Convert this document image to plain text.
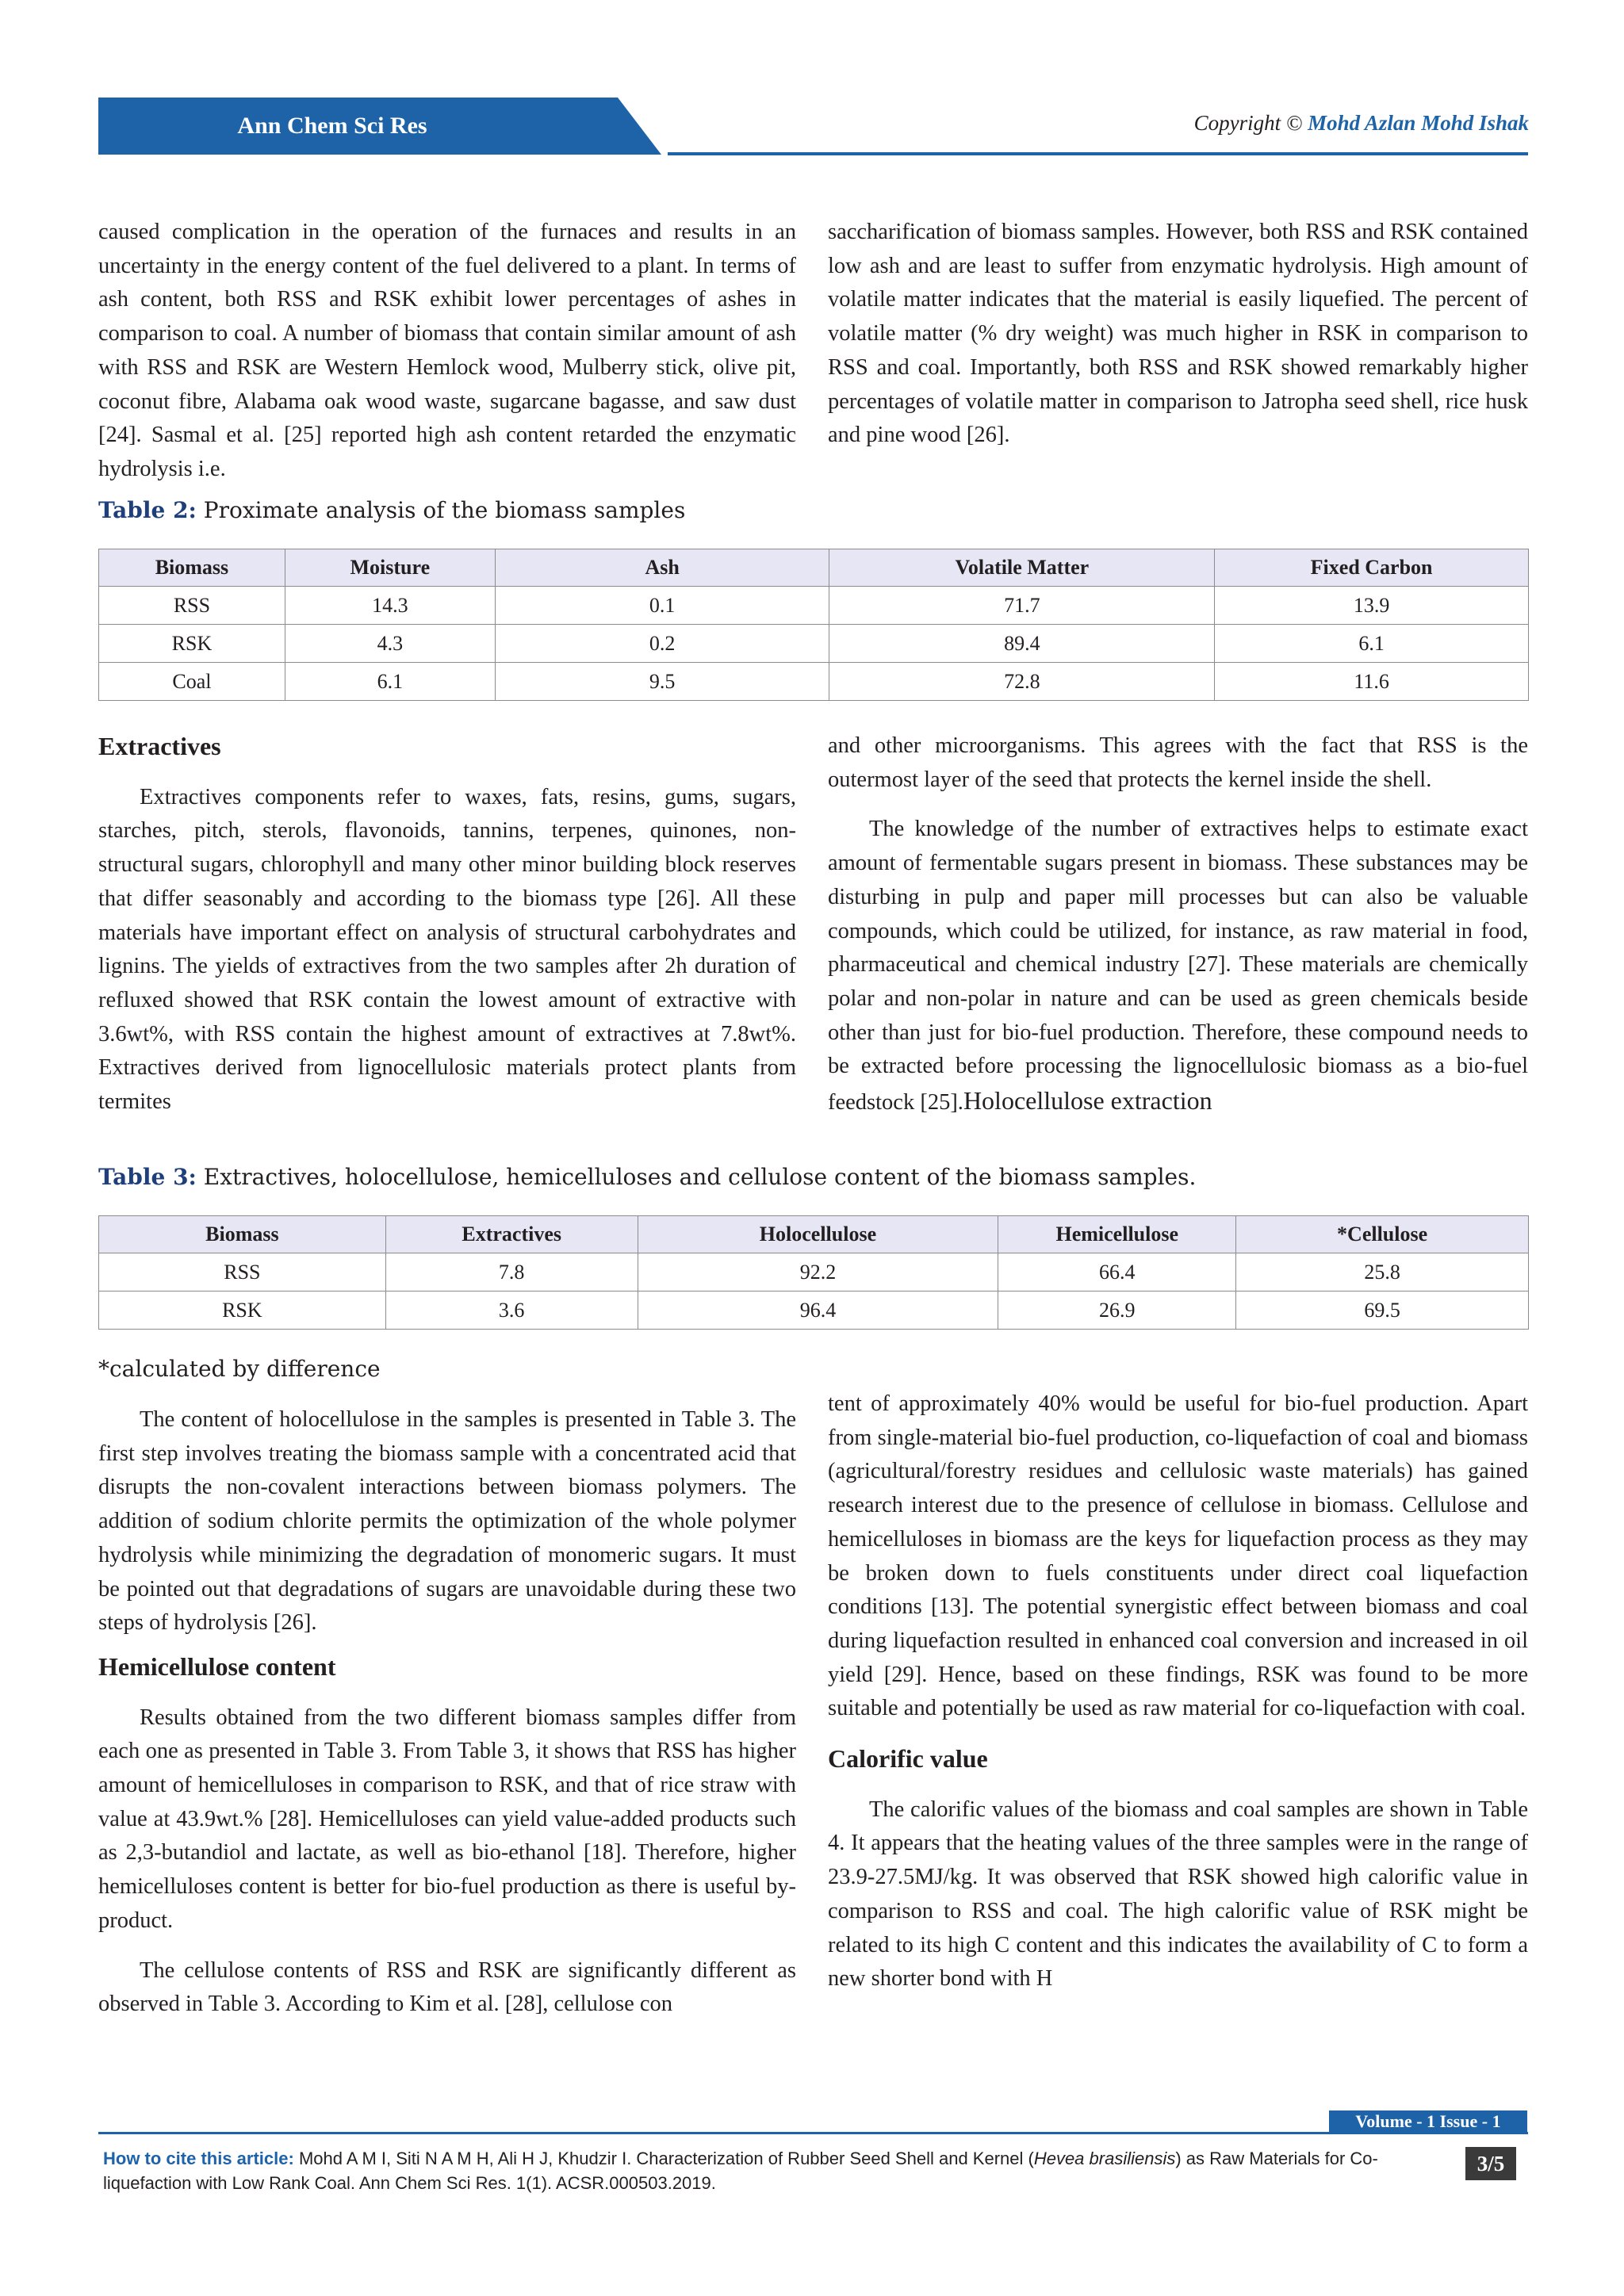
Ann Chem Sci Res	Copyright © Mohd Azlan Mohd Ishak

caused complication in the operation of the furnaces and results in an uncertainty in the energy content of the fuel delivered to a plant. In terms of ash content, both RSS and RSK exhibit lower percentages of ashes in comparison to coal. A number of biomass that contain similar amount of ash with RSS and RSK are Western Hemlock wood, Mulberry stick, olive pit, coconut fibre, Alabama oak wood waste, sugarcane bagasse, and saw dust [24]. Sasmal et al. [25] reported high ash content retarded the enzymatic hydrolysis i.e.

saccharification of biomass samples. However, both RSS and RSK contained low ash and are least to suffer from enzymatic hydrolysis. High amount of volatile matter indicates that the material is easily liquefied. The percent of volatile matter (% dry weight) was much higher in RSK in comparison to RSS and coal. Importantly, both RSS and RSK showed remarkably higher percentages of volatile matter in comparison to Jatropha seed shell, rice husk and pine wood [26].

Table 2: Proximate analysis of the biomass samples
Biomass	Moisture	Ash	Volatile Matter	Fixed Carbon
RSS	14.3	0.1	71.7	13.9
RSK	4.3	0.2	89.4	6.1
Coal	6.1	9.5	72.8	11.6
Extractives

Extractives components refer to waxes, fats, resins, gums, sugars, starches, pitch, sterols, flavonoids, tannins, terpenes, quinones, non-structural sugars, chlorophyll and many other minor building block reserves that differ seasonably and according to the biomass type [26]. All these materials have important effect on analysis of structural carbohydrates and lignins. The yields of extractives from the two samples after 2h duration of refluxed showed that RSK contain the lowest amount of extractive with 3.6wt%, with RSS contain the highest amount of extractives at 7.8wt%. Extractives derived from lignocellulosic materials protect plants from termites

and other microorganisms. This agrees with the fact that RSS is the outermost layer of the seed that protects the kernel inside the shell.

The knowledge of the number of extractives helps to estimate exact amount of fermentable sugars present in biomass. These substances may be disturbing in pulp and paper mill processes but can also be valuable compounds, which could be utilized, for instance, as raw material in food, pharmaceutical and chemical industry [27]. These materials are chemically polar and non-polar in nature and can be used as green chemicals beside other than just for bio-fuel production. Therefore, these compound needs to be extracted before processing the lignocellulosic biomass as a bio-fuel feedstock [25].Holocellulose extraction

Table 3: Extractives, holocellulose, hemicelluloses and cellulose content of the biomass samples.
Biomass	Extractives	Holocellulose	Hemicellulose	*Cellulose
RSS	7.8	92.2	66.4	25.8
RSK	3.6	96.4	26.9	69.5
*calculated by difference

The content of holocellulose in the samples is presented in Table 3. The first step involves treating the biomass sample with a concentrated acid that disrupts the non-covalent interactions between biomass polymers. The addition of sodium chlorite permits the optimization of the whole polymer hydrolysis while minimizing the degradation of monomeric sugars. It must be pointed out that degradations of sugars are unavoidable during these two steps of hydrolysis [26].

Hemicellulose content

Results obtained from the two different biomass samples differ from each one as presented in Table 3. From Table 3, it shows that RSS has higher amount of hemicelluloses in comparison to RSK, and that of rice straw with value at 43.9wt.% [28]. Hemicelluloses can yield value-added products such as 2,3-butandiol and lactate, as well as bio-ethanol [18]. Therefore, higher hemicelluloses content is better for bio-fuel production as there is useful by-product.

The cellulose contents of RSS and RSK are significantly different as observed in Table 3. According to Kim et al. [28], cellulose con

tent of approximately 40% would be useful for bio-fuel production. Apart from single-material bio-fuel production, co-liquefaction of coal and biomass (agricultural/forestry residues and cellulosic waste materials) has gained research interest due to the presence of cellulose in biomass. Cellulose and hemicelluloses in biomass are the keys for liquefaction process as they may be broken down to fuels constituents under direct coal liquefaction conditions [13]. The potential synergistic effect between biomass and coal during liquefaction resulted in enhanced coal conversion and increased in oil yield [29]. Hence, based on these findings, RSK was found to be more suitable and potentially be used as raw material for co-liquefaction with coal.

Calorific value

The calorific values of the biomass and coal samples are shown in Table 4. It appears that the heating values of the three samples were in the range of 23.9-27.5MJ/kg. It was observed that RSK showed high calorific value in comparison to RSS and coal. The high calorific value of RSK might be related to its high C content and this indicates the availability of C to form a new shorter bond with H

Volume - 1 Issue - 1
How to cite this article: Mohd A M I, Siti N A M H, Ali H J, Khudzir I. Characterization of Rubber Seed Shell and Kernel (Hevea brasiliensis) as Raw Materials for Co-liquefaction with Low Rank Coal. Ann Chem Sci Res. 1(1). ACSR.000503.2019.
3/5
